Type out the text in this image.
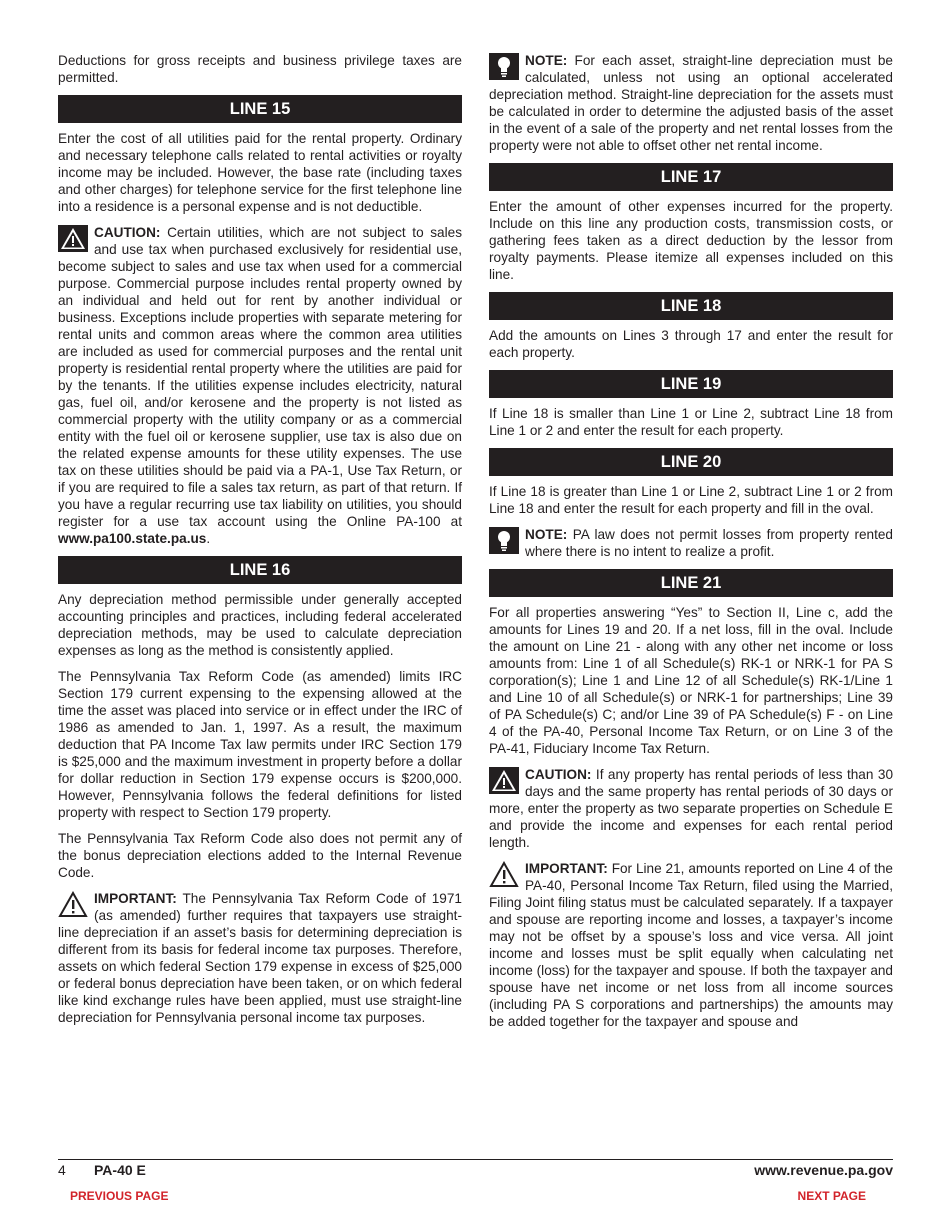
Deductions for gross receipts and business privilege taxes are permitted.

LINE 15

Enter the cost of all utilities paid for the rental property. Ordinary and necessary telephone calls related to rental activities or royalty income may be included. However, the base rate (including taxes and other charges) for telephone service for the first telephone line into a residence is a personal expense and is not deductible.

CAUTION: Certain utilities, which are not subject to sales and use tax when purchased exclusively for residential use, become subject to sales and use tax when used for a commercial purpose. Commercial purpose includes rental property owned by an individual and held out for rent by another individual or business. Exceptions include properties with separate metering for rental units and common areas where the common area utilities are included as used for commercial purposes and the rental unit property is residential rental property where the utilities are paid for by the tenants. If the utilities expense includes electricity, natural gas, fuel oil, and/or kerosene and the property is not listed as commercial property with the utility company or as a commercial entity with the fuel oil or kerosene supplier, use tax is also due on the related expense amounts for these utility expenses. The use tax on these utilities should be paid via a PA-1, Use Tax Return, or if you are required to file a sales tax return, as part of that return. If you have a regular recurring use tax liability on utilities, you should register for a use tax account using the Online PA-100 at www.pa100.state.pa.us.
LINE 16

Any depreciation method permissible under generally accepted accounting principles and practices, including federal accelerated depreciation methods, may be used to calculate depreciation expenses as long as the method is consistently applied.

The Pennsylvania Tax Reform Code (as amended) limits IRC Section 179 current expensing to the expensing allowed at the time the asset was placed into service or in effect under the IRC of 1986 as amended to Jan. 1, 1997. As a result, the maximum deduction that PA Income Tax law permits under IRC Section 179 is $25,000 and the maximum investment in property before a dollar for dollar reduction in Section 179 expense occurs is $200,000. However, Pennsylvania follows the federal definitions for listed property with respect to Section 179 property.

The Pennsylvania Tax Reform Code also does not permit any of the bonus depreciation elections added to the Internal Revenue Code.

IMPORTANT: The Pennsylvania Tax Reform Code of 1971 (as amended) further requires that taxpayers use straight-line depreciation if an asset’s basis for determining depreciation is different from its basis for federal income tax purposes. Therefore, assets on which federal Section 179 expense in excess of $25,000 or federal bonus depreciation have been taken, or on which federal like kind exchange rules have been applied, must use straight-line depreciation for Pennsylvania personal income tax purposes.
NOTE: For each asset, straight-line depreciation must be calculated, unless not using an optional accelerated depreciation method. Straight-line depreciation for the assets must be calculated in order to determine the adjusted basis of the asset in the event of a sale of the property and net rental losses from the property were not able to offset other net rental income.
LINE 17

Enter the amount of other expenses incurred for the property. Include on this line any production costs, transmission costs, or gathering fees taken as a direct deduction by the lessor from royalty payments. Please itemize all expenses included on this line.

LINE 18

Add the amounts on Lines 3 through 17 and enter the result for each property.

LINE 19

If Line 18 is smaller than Line 1 or Line 2, subtract Line 18 from Line 1 or 2 and enter the result for each property.

LINE 20

If Line 18 is greater than Line 1 or Line 2, subtract Line 1 or 2 from Line 18 and enter the result for each property and fill in the oval.

NOTE: PA law does not permit losses from property rented where there is no intent to realize a profit.
LINE 21

For all properties answering “Yes” to Section II, Line c, add the amounts for Lines 19 and 20. If a net loss, fill in the oval. Include the amount on Line 21 - along with any other net income or loss amounts from: Line 1 of all Schedule(s) RK-1 or NRK-1 for PA S corporation(s); Line 1 and Line 12 of all Schedule(s) RK-1/Line 1 and Line 10 of all Schedule(s) or NRK-1 for partnerships; Line 39 of PA Schedule(s) C; and/or Line 39 of PA Schedule(s) F - on Line 4 of the PA-40, Personal Income Tax Return, or on Line 3 of the PA-41, Fiduciary Income Tax Return.

CAUTION: If any property has rental periods of less than 30 days and the same property has rental periods of 30 days or more, enter the property as two separate properties on Schedule E and provide the income and expenses for each rental period length.
IMPORTANT: For Line 21, amounts reported on Line 4 of the PA-40, Personal Income Tax Return, filed using the Married, Filing Joint filing status must be calculated separately. If a taxpayer and spouse are reporting income and losses, a taxpayer’s income may not be offset by a spouse’s loss and vice versa. All joint income and losses must be split equally when calculating net income (loss) for the taxpayer and spouse. If both the taxpayer and spouse have net income or net loss from all income sources (including PA S corporations and partnerships) the amounts may be added together for the taxpayer and spouse and
4 PA-40 E	www.revenue.pa.gov
PREVIOUS PAGE	NEXT PAGE
